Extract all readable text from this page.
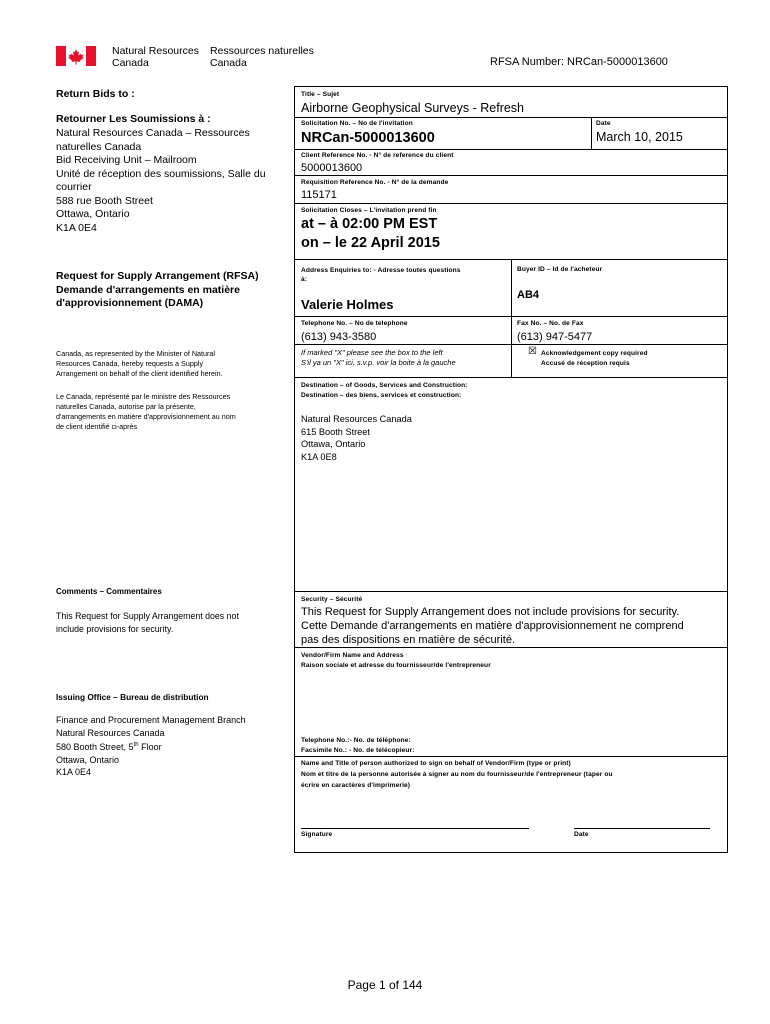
Natural Resources
Canada
Ressources naturelles
Canada	RFSA Number: NRCan-5000013600
Return Bids to :
Retourner Les Soumissions à :
Natural Resources Canada – Ressources
naturelles Canada
Bid Receiving Unit – Mailroom
Unité de réception des soumissions, Salle du
courrier
588 rue Booth Street
Ottawa, Ontario
K1A 0E4
Request for Supply Arrangement (RFSA)
Demande d'arrangements en matière
d'approvisionnement (DAMA)
Canada, as represented by the Minister of Natural
Resources Canada, hereby requests a Supply
Arrangement on behalf of the client identified herein.
Le Canada, représenté par le ministre des Ressources
naturelles Canada, autorise par la présente,
d'arrangements en matière d'approvisionnement au nom
de client identifié ci-après
Comments – Commentaires
This Request for Supply Arrangement does not
include provisions for security.
Issuing Office – Bureau de distribution
Finance and Procurement Management Branch
Natural Resources Canada
580 Booth Street, 5th Floor
Ottawa, Ontario
K1A 0E4
Title – Sujet
Airborne Geophysical Surveys - Refresh
Solicitation No. – No de l'invitation
NRCan-5000013600
Date
March 10, 2015
Client Reference No. - N° de reference du client
5000013600
Requisition Reference No. - N° de la demande
115171
Solicitation Closes – L'invitation prend fin
at – à 02:00 PM EST
on – le 22 April 2015
Address Enquiries to: - Adresse toutes questions
à:
Valerie Holmes
Buyer ID – Id de l'acheteur
AB4
Telephone No. – No de telephone
(613) 943-3580
Fax No. – No. de Fax
(613) 947-5477
If marked "X" please see the box to the left
S'il ya un "X" ici, s.v.p. voir la boite à la gauche
☒ Acknowledgement copy required
Accusé de réception requis
Destination – of Goods, Services and Construction:
Destination – des biens, services et construction:
Natural Resources Canada
615 Booth Street
Ottawa, Ontario
K1A 0E8
Security – Sécurité
This Request for Supply Arrangement does not include provisions for security.
Cette Demande d'arrangements en matière d'approvisionnement ne comprend
pas des dispositions en matière de sécurité.
Vendor/Firm Name and Address
Raison sociale et adresse du fournisseur/de l'entrepreneur
Telephone No.:- No. de téléphone:
Facsimile No.: - No. de télécopieur:
Name and Title of person authorized to sign on behalf of Vendor/Firm (type or print)
Nom et titre de la personne autorisée à signer au nom du fournisseur/de l'entrepreneur (taper ou
écrire en caractères d'imprimerie)
Signature	Date
Page 1 of 144
